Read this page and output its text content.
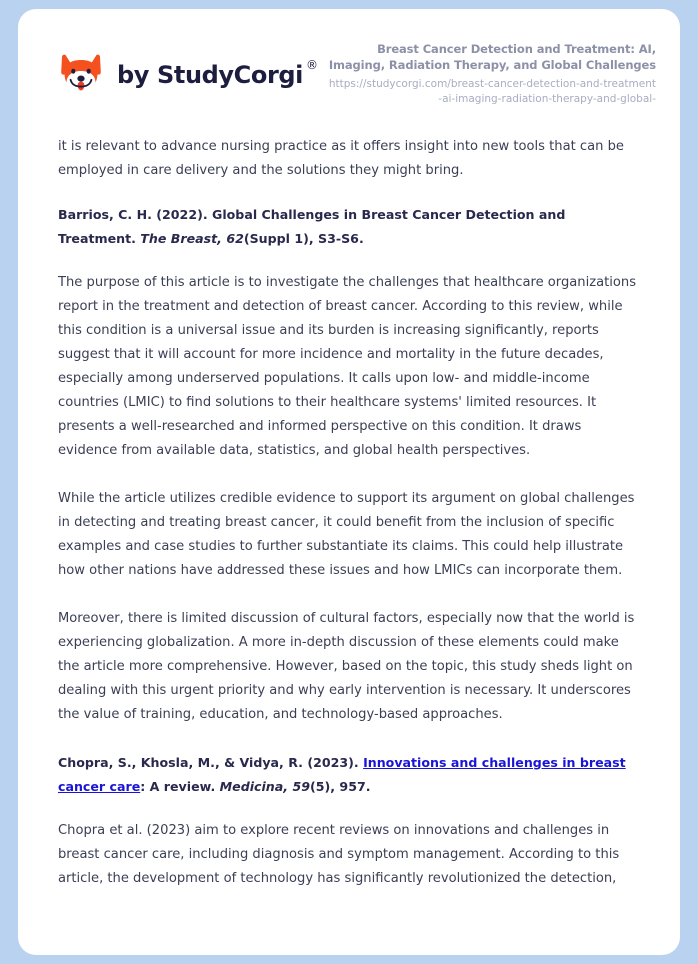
by StudyCorgi ®
Breast Cancer Detection and Treatment: AI, Imaging, Radiation Therapy, and Global Challenges
https://studycorgi.com/breast-cancer-detection-and-treatment-ai-imaging-radiation-therapy-and-global-

it is relevant to advance nursing practice as it offers insight into new tools that can be employed in care delivery and the solutions they might bring.

Barrios, C. H. (2022). Global Challenges in Breast Cancer Detection and Treatment. The Breast, 62(Suppl 1), S3-S6.

The purpose of this article is to investigate the challenges that healthcare organizations report in the treatment and detection of breast cancer. According to this review, while this condition is a universal issue and its burden is increasing significantly, reports suggest that it will account for more incidence and mortality in the future decades, especially among underserved populations. It calls upon low- and middle-income countries (LMIC) to find solutions to their healthcare systems' limited resources. It presents a well-researched and informed perspective on this condition. It draws evidence from available data, statistics, and global health perspectives.

While the article utilizes credible evidence to support its argument on global challenges in detecting and treating breast cancer, it could benefit from the inclusion of specific examples and case studies to further substantiate its claims. This could help illustrate how other nations have addressed these issues and how LMICs can incorporate them.

Moreover, there is limited discussion of cultural factors, especially now that the world is experiencing globalization. A more in-depth discussion of these elements could make the article more comprehensive. However, based on the topic, this study sheds light on dealing with this urgent priority and why early intervention is necessary. It underscores the value of training, education, and technology-based approaches.

Chopra, S., Khosla, M., & Vidya, R. (2023). Innovations and challenges in breast cancer care: A review. Medicina, 59(5), 957.

Chopra et al. (2023) aim to explore recent reviews on innovations and challenges in breast cancer care, including diagnosis and symptom management. According to this article, the development of technology has significantly revolutionized the detection,
